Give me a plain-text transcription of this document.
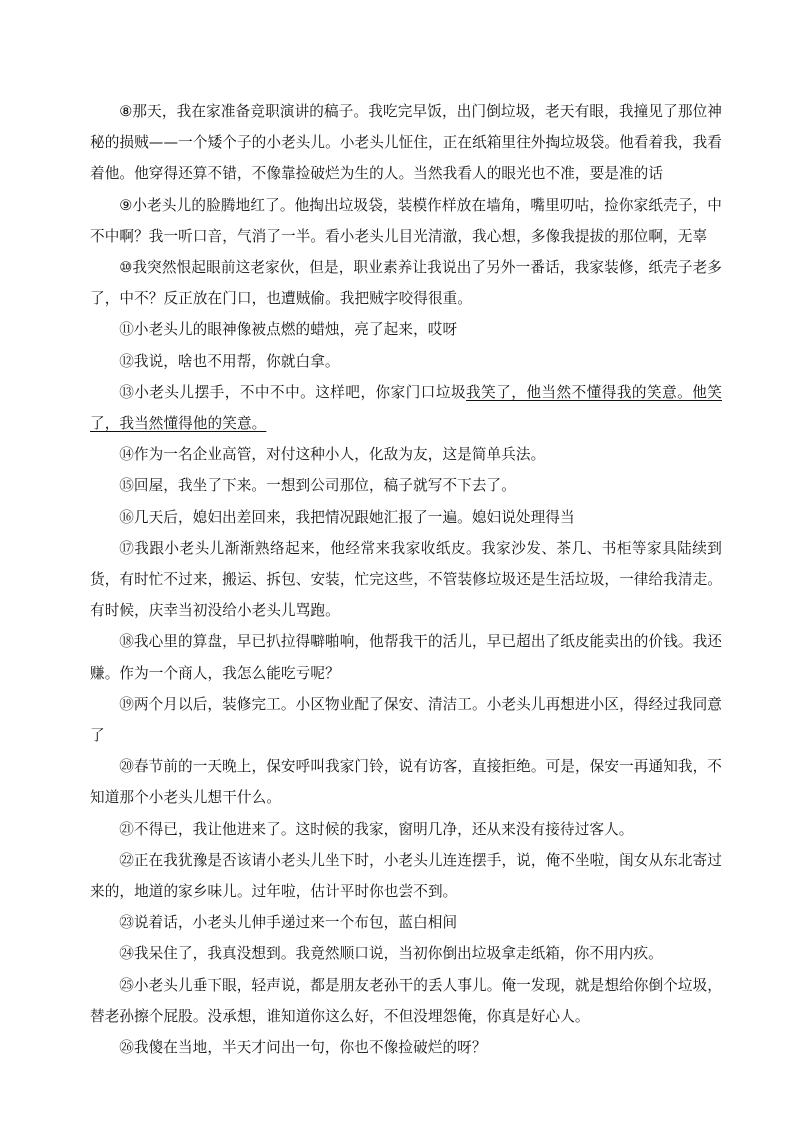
⑧那天，我在家准备竞职演讲的稿子。我吃完早饭，出门倒垃圾，老天有眼，我撞见了那位神秘的损贼——一个矮个子的小老头儿。小老头儿怔住，正在纸箱里往外掏垃圾袋。他看着我，我看着他。他穿得还算不错，不像靠捡破烂为生的人。当然我看人的眼光也不准，要是准的话

⑨小老头儿的脸腾地红了。他掏出垃圾袋，装模作样放在墙角，嘴里叨咕，捡你家纸壳子，中不中啊？我一听口音，气消了一半。看小老头儿目光清澈，我心想，多像我提拔的那位啊，无辜

⑩我突然恨起眼前这老家伙，但是，职业素养让我说出了另外一番话，我家装修，纸壳子老多了，中不？反正放在门口，也遭贼偷。我把贼字咬得很重。

⑪小老头儿的眼神像被点燃的蜡烛，亮了起来，哎呀

⑫我说，啥也不用帮，你就白拿。

⑬小老头儿摆手，不中不中。这样吧，你家门口垃圾我笑了，他当然不懂得我的笑意。他笑了，我当然懂得他的笑意。

⑭作为一名企业高管，对付这种小人，化敌为友，这是简单兵法。

⑮回屋，我坐了下来。一想到公司那位，稿子就写不下去了。

⑯几天后，媳妇出差回来，我把情况跟她汇报了一遍。媳妇说处理得当

⑰我跟小老头儿渐渐熟络起来，他经常来我家收纸皮。我家沙发、茶几、书柜等家具陆续到货，有时忙不过来，搬运、拆包、安装，忙完这些，不管装修垃圾还是生活垃圾，一律给我清走。有时候，庆幸当初没给小老头儿骂跑。

⑱我心里的算盘，早已扒拉得噼啪响，他帮我干的活儿，早已超出了纸皮能卖出的价钱。我还赚。作为一个商人，我怎么能吃亏呢？

⑲两个月以后，装修完工。小区物业配了保安、清洁工。小老头儿再想进小区，得经过我同意了

⑳春节前的一天晚上，保安呼叫我家门铃，说有访客，直接拒绝。可是，保安一再通知我，不知道那个小老头儿想干什么。

㉑不得已，我让他进来了。这时候的我家，窗明几净，还从来没有接待过客人。

㉒正在我犹豫是否该请小老头儿坐下时，小老头儿连连摆手，说，俺不坐啦，闺女从东北寄过来的，地道的家乡味儿。过年啦，估计平时你也尝不到。

㉓说着话，小老头儿伸手递过来一个布包，蓝白相间

㉔我呆住了，我真没想到。我竟然顺口说，当初你倒出垃圾拿走纸箱，你不用内疚。

㉕小老头儿垂下眼，轻声说，都是朋友老孙干的丢人事儿。俺一发现，就是想给你倒个垃圾，替老孙擦个屁股。没承想，谁知道你这么好，不但没埋怨俺，你真是好心人。

㉖我傻在当地，半天才问出一句，你也不像捡破烂的呀？
